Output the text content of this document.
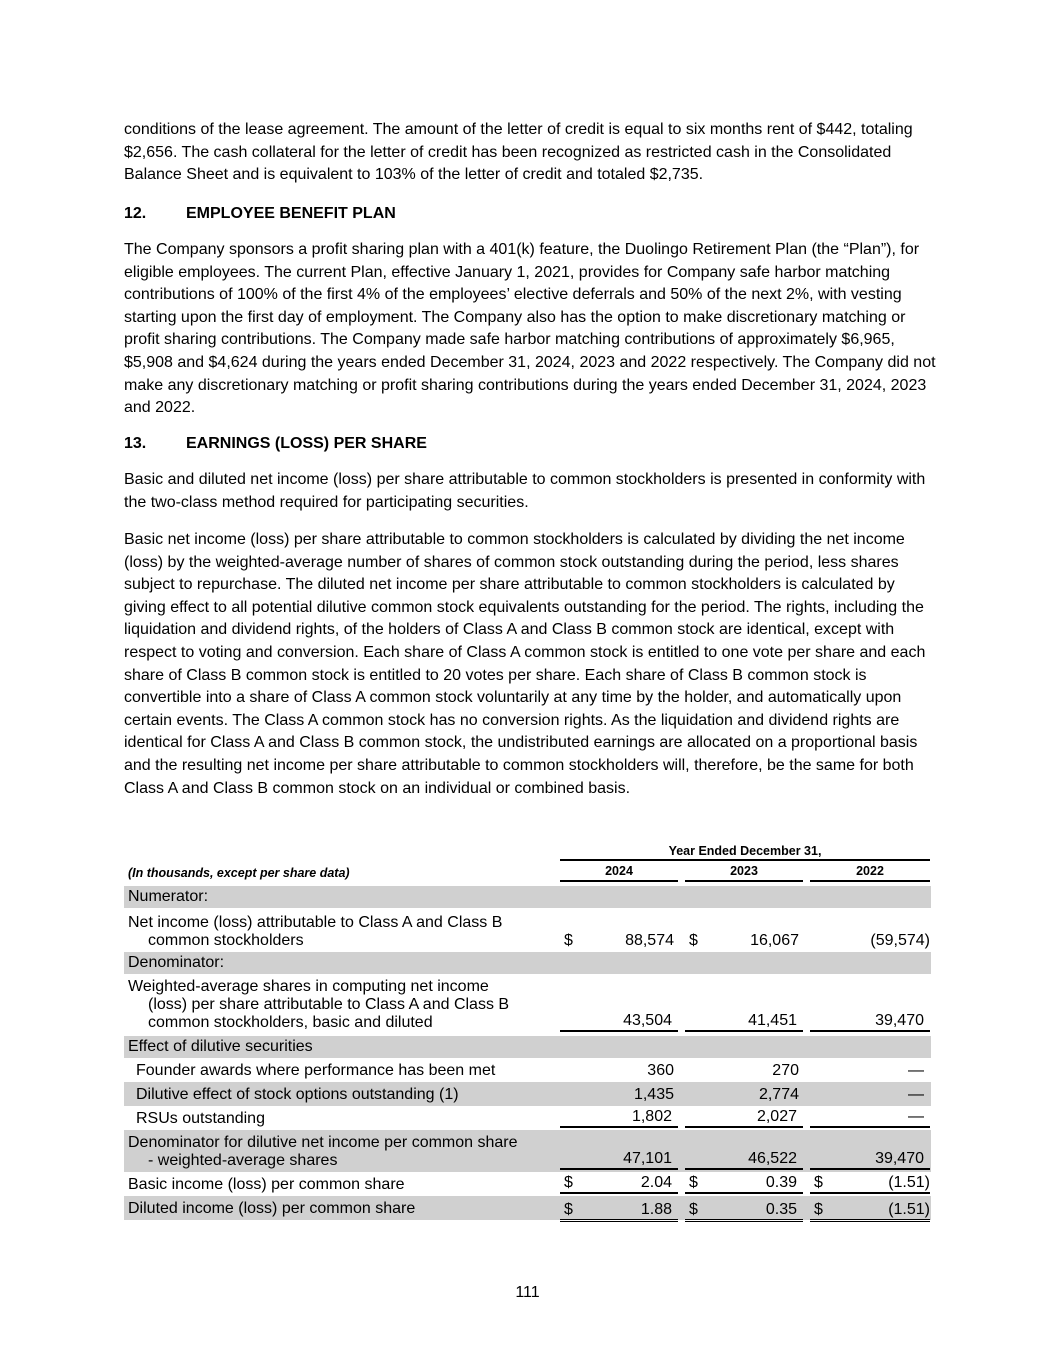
conditions of the lease agreement. The amount of the letter of credit is equal to six months rent of $442, totaling $2,656. The cash collateral for the letter of credit has been recognized as restricted cash in the Consolidated Balance Sheet and is equivalent to 103% of the letter of credit and totaled $2,735.

12. EMPLOYEE BENEFIT PLAN

The Company sponsors a profit sharing plan with a 401(k) feature, the Duolingo Retirement Plan (the “Plan”), for eligible employees. The current Plan, effective January 1, 2021, provides for Company safe harbor matching contributions of 100% of the first 4% of the employees’ elective deferrals and 50% of the next 2%, with vesting starting upon the first day of employment. The Company also has the option to make discretionary matching or profit sharing contributions. The Company made safe harbor matching contributions of approximately $6,965, $5,908 and $4,624 during the years ended December 31, 2024, 2023 and 2022 respectively. The Company did not make any discretionary matching or profit sharing contributions during the years ended December 31, 2024, 2023 and 2022.

13. EARNINGS (LOSS) PER SHARE

Basic and diluted net income (loss) per share attributable to common stockholders is presented in conformity with the two-class method required for participating securities.

Basic net income (loss) per share attributable to common stockholders is calculated by dividing the net income (loss) by the weighted-average number of shares of common stock outstanding during the period, less shares subject to repurchase. The diluted net income per share attributable to common stockholders is calculated by giving effect to all potential dilutive common stock equivalents outstanding for the period. The rights, including the liquidation and dividend rights, of the holders of Class A and Class B common stock are identical, except with respect to voting and conversion. Each share of Class A common stock is entitled to one vote per share and each share of Class B common stock is entitled to 20 votes per share. Each share of Class B common stock is convertible into a share of Class A common stock voluntarily at any time by the holder, and automatically upon certain events. The Class A common stock has no conversion rights. As the liquidation and dividend rights are identical for Class A and Class B common stock, the undistributed earnings are allocated on a proportional basis and the resulting net income per share attributable to common stockholders will, therefore, be the same for both Class A and Class B common stock on an individual or combined basis.

Year Ended December 31,
(In thousands, except per share data)	2024	2023	2022
Numerator:
Net income (loss) attributable to Class A and Class B
common stockholders	$	88,574 $	16,067	(59,574)
Denominator:
Weighted-average shares in computing net income
(loss) per share attributable to Class A and Class B
common stockholders, basic and diluted	43,504	41,451	39,470
Effect of dilutive securities
Founder awards where performance has been met	360	270	—
Dilutive effect of stock options outstanding (1)	1,435	2,774	—
RSUs outstanding	1,802	2,027	—
Denominator for dilutive net income per common share
- weighted-average shares	47,101	46,522	39,470
Basic income (loss) per common share	$	2.04 $	0.39 $	(1.51)
Diluted income (loss) per common share	$	1.88 $	0.35 $	(1.51)
111
